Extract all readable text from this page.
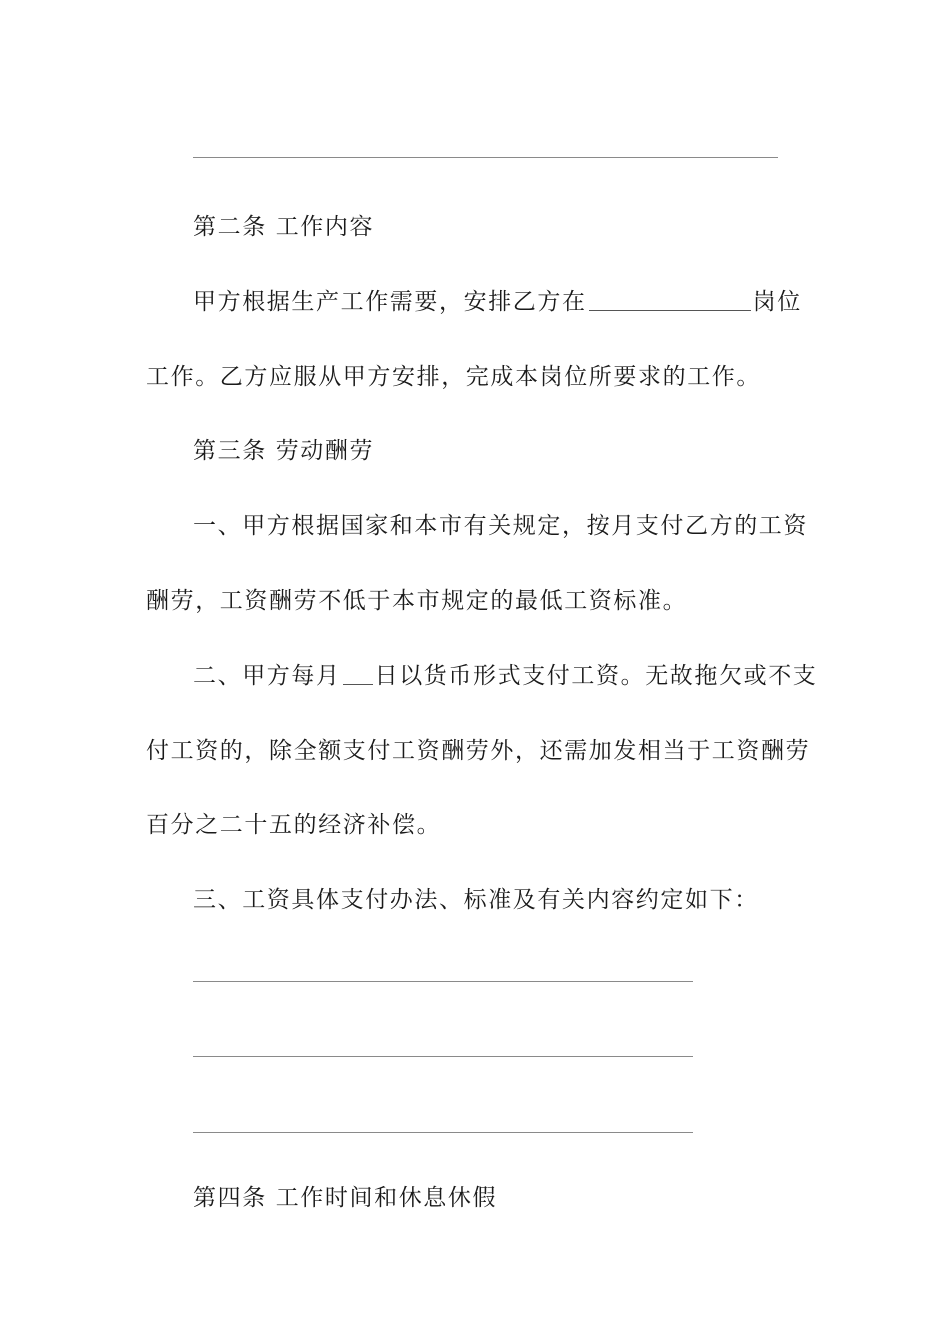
第二条 工作内容
甲方根据生产工作需要，安排乙方在	岗位
工作。乙方应服从甲方安排，完成本岗位所要求的工作。
第三条 劳动酬劳
一、甲方根据国家和本市有关规定，按月支付乙方的工资
酬劳，工资酬劳不低于本市规定的最低工资标准。
二、甲方每月 日以货币形式支付工资。无故拖欠或不支
付工资的，除全额支付工资酬劳外，还需加发相当于工资酬劳
百分之二十五的经济补偿。
三、工资具体支付办法、标准及有关内容约定如下：
第四条 工作时间和休息休假
